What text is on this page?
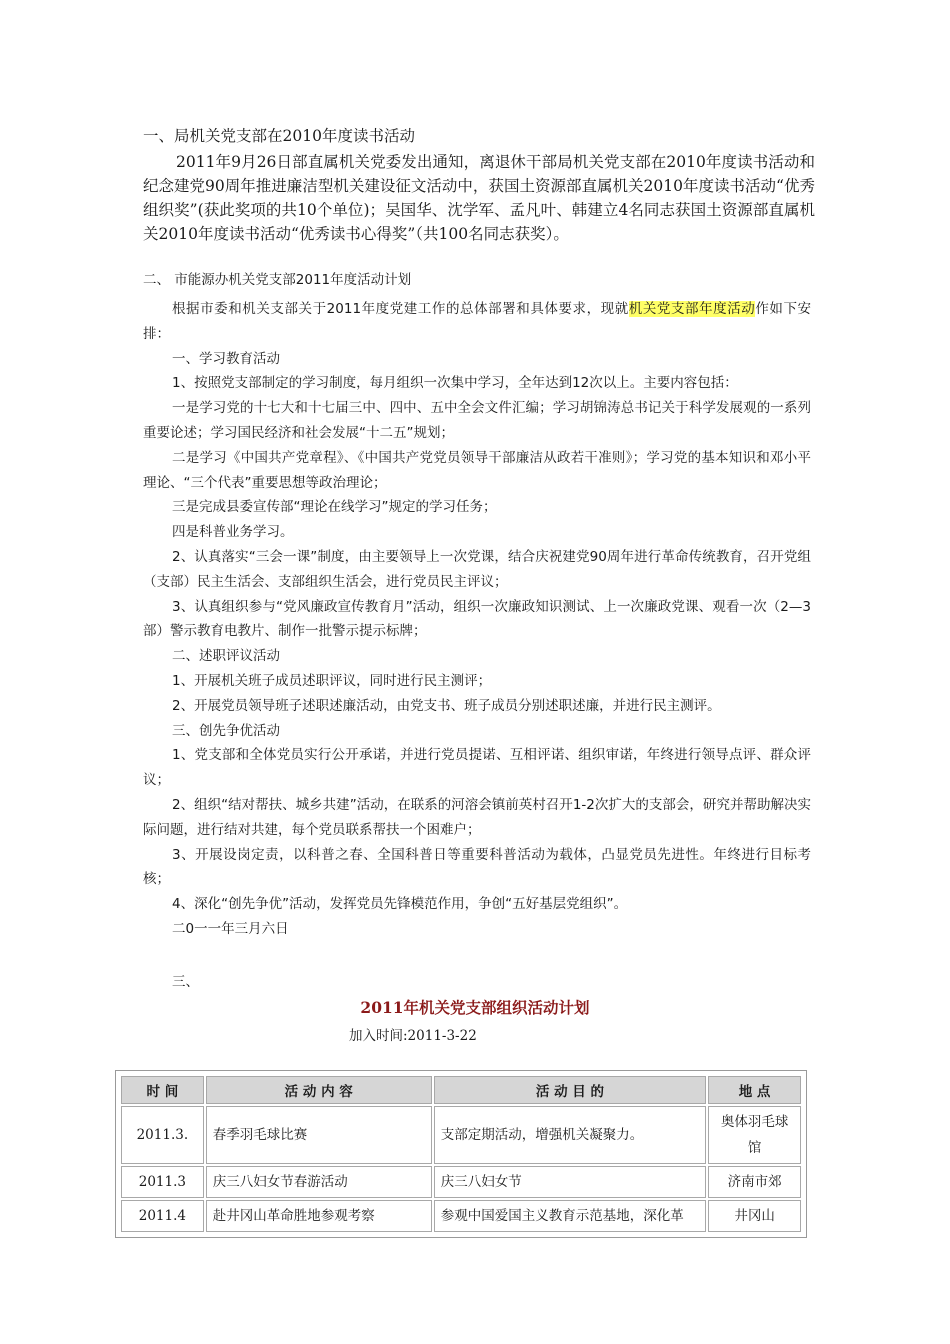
一、局机关党支部在2010年度读书活动
2011年9月26日部直属机关党委发出通知，离退休干部局机关党支部在2010年度读书活动和纪念建党90周年推进廉洁型机关建设征文活动中，获国土资源部直属机关2010年度读书活动“优秀组织奖”(获此奖项的共10个单位)；吴国华、沈学军、孟凡叶、韩建立4名同志获国土资源部直属机关2010年度读书活动“优秀读书心得奖”（共100名同志获奖）。
二、 市能源办机关党支部2011年度活动计划

根据市委和机关支部关于2011年度党建工作的总体部署和具体要求，现就机关党支部年度活动作如下安排：

一、学习教育活动

1、按照党支部制定的学习制度，每月组织一次集中学习，全年达到12次以上。主要内容包括：

一是学习党的十七大和十七届三中、四中、五中全会文件汇编；学习胡锦涛总书记关于科学发展观的一系列重要论述；学习国民经济和社会发展“十二五”规划；

二是学习《中国共产党章程》、《中国共产党党员领导干部廉洁从政若干准则》；学习党的基本知识和邓小平理论、“三个代表”重要思想等政治理论；

三是完成县委宣传部“理论在线学习”规定的学习任务；

四是科普业务学习。

2、认真落实“三会一课”制度，由主要领导上一次党课，结合庆祝建党90周年进行革命传统教育，召开党组（支部）民主生活会、支部组织生活会，进行党员民主评议；

3、认真组织参与“党风廉政宣传教育月”活动，组织一次廉政知识测试、上一次廉政党课、观看一次（2—3部）警示教育电教片、制作一批警示提示标牌；

二、述职评议活动

1、开展机关班子成员述职评议，同时进行民主测评；

2、开展党员领导班子述职述廉活动，由党支书、班子成员分别述职述廉，并进行民主测评。

三、创先争优活动

1、党支部和全体党员实行公开承诺，并进行党员提诺、互相评诺、组织审诺，年终进行领导点评、群众评议；

2、组织“结对帮扶、城乡共建”活动，在联系的河溶会镇前英村召开1-2次扩大的支部会，研究并帮助解决实际问题，进行结对共建，每个党员联系帮扶一个困难户；

3、开展设岗定责，以科普之春、全国科普日等重要科普活动为载体，凸显党员先进性。年终进行目标考核；

4、深化“创先争优”活动，发挥党员先锋模范作用，争创“五好基层党组织”。

二0一一年三月六日

三、
2011年机关党支部组织活动计划
加入时间:2011-3-22
时 间	活 动 内 容	活 动 目 的	地 点
2011.3.	春季羽毛球比赛	支部定期活动，增强机关凝聚力。	奥体羽毛球馆
2011.3	庆三八妇女节春游活动	庆三八妇女节	济南市郊
2011.4	赴井冈山革命胜地参观考察	参观中国爱国主义教育示范基地，深化革	井冈山
